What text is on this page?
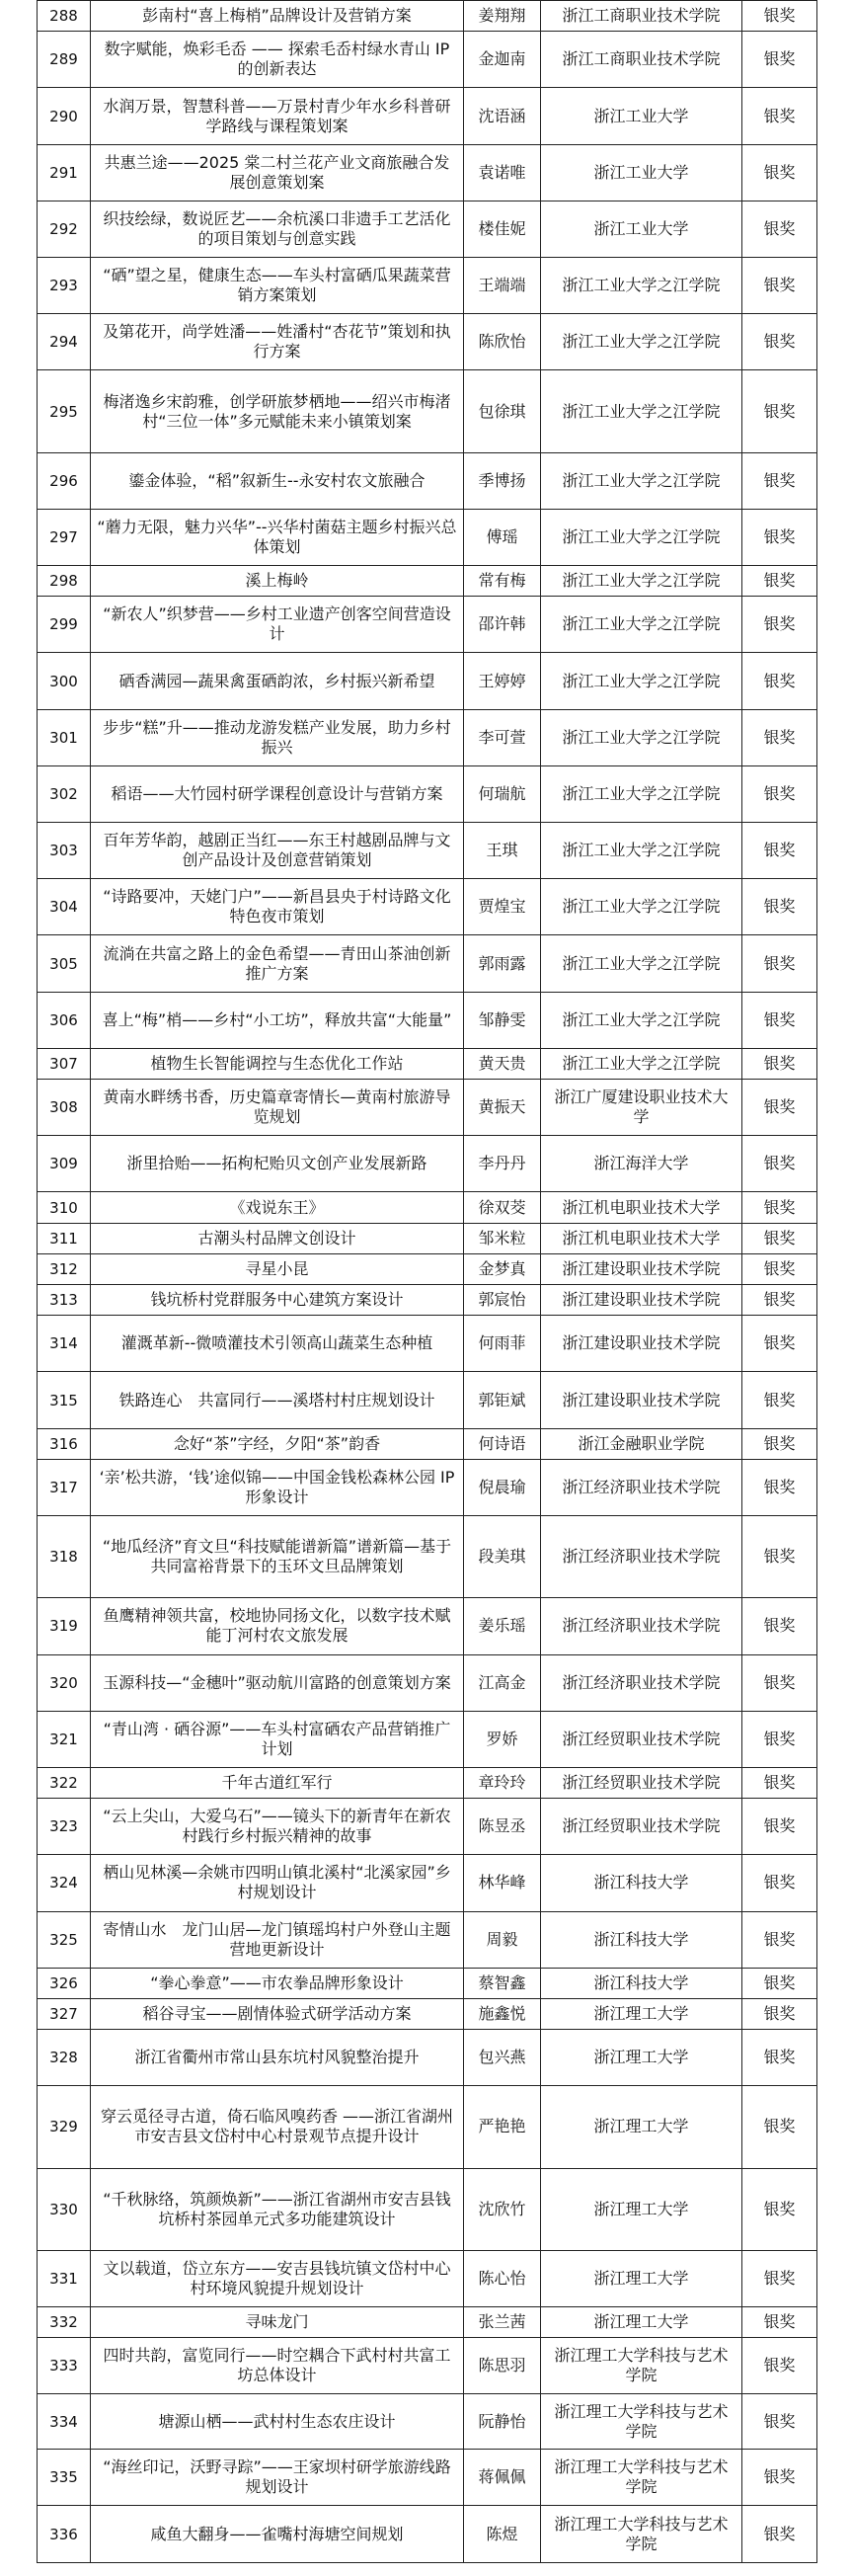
288	彭南村“喜上梅梢”品牌设计及营销方案	姜翔翔	浙江工商职业技术学院	银奖
289	数字赋能，焕彩毛岙 —— 探索毛岙村绿水青山 IP 的创新表达	金迦南	浙江工商职业技术学院	银奖
290	水润万景，智慧科普——万景村青少年水乡科普研学路线与课程策划案	沈语涵	浙江工业大学	银奖
291	共惠兰途——2025 棠二村兰花产业文商旅融合发展创意策划案	袁诺唯	浙江工业大学	银奖
292	织技绘绿，数说匠艺——余杭溪口非遗手工艺活化的项目策划与创意实践	楼佳妮	浙江工业大学	银奖
293	“硒”望之星，健康生态——车头村富硒瓜果蔬菜营销方案策划	王端端	浙江工业大学之江学院	银奖
294	及第花开，尚学姓潘——姓潘村“杏花节”策划和执行方案	陈欣怡	浙江工业大学之江学院	银奖
295	梅渚逸乡宋韵雅，创学研旅梦栖地——绍兴市梅渚村“三位一体”多元赋能未来小镇策划案	包徐琪	浙江工业大学之江学院	银奖
296	鎏金体验，“稻”叙新生--永安村农文旅融合	季博扬	浙江工业大学之江学院	银奖
297	“蘑力无限，魅力兴华”--兴华村菌菇主题乡村振兴总体策划	傅瑶	浙江工业大学之江学院	银奖
298	溪上梅岭	常有梅	浙江工业大学之江学院	银奖
299	“新农人”织梦营——乡村工业遗产创客空间营造设计	邵许韩	浙江工业大学之江学院	银奖
300	硒香满园—蔬果禽蛋硒韵浓，乡村振兴新希望	王婷婷	浙江工业大学之江学院	银奖
301	步步“糕”升——推动龙游发糕产业发展，助力乡村振兴	李可萱	浙江工业大学之江学院	银奖
302	稻语——大竹园村研学课程创意设计与营销方案	何瑞航	浙江工业大学之江学院	银奖
303	百年芳华韵，越剧正当红——东王村越剧品牌与文创产品设计及创意营销策划	王琪	浙江工业大学之江学院	银奖
304	“诗路要冲，天姥门户”——新昌县央于村诗路文化特色夜市策划	贾煌宝	浙江工业大学之江学院	银奖
305	流淌在共富之路上的金色希望——青田山茶油创新推广方案	郭雨露	浙江工业大学之江学院	银奖
306	喜上“梅”梢——乡村“小工坊”，释放共富“大能量”	邹静雯	浙江工业大学之江学院	银奖
307	植物生长智能调控与生态优化工作站	黄天贵	浙江工业大学之江学院	银奖
308	黄南水畔绣书香，历史篇章寄情长—黄南村旅游导览规划	黄振天	浙江广厦建设职业技术大学	银奖
309	浙里拾贻——拓枸杞贻贝文创产业发展新路	李丹丹	浙江海洋大学	银奖
310	《戏说东王》	徐双茭	浙江机电职业技术大学	银奖
311	古潮头村品牌文创设计	邹米粒	浙江机电职业技术大学	银奖
312	寻星小昆	金梦真	浙江建设职业技术学院	银奖
313	钱坑桥村党群服务中心建筑方案设计	郭宸怡	浙江建设职业技术学院	银奖
314	灌溉革新--微喷灌技术引领高山蔬菜生态种植	何雨菲	浙江建设职业技术学院	银奖
315	铁路连心　共富同行——溪塔村村庄规划设计	郭钜斌	浙江建设职业技术学院	银奖
316	念好“茶”字经，夕阳“茶”韵香	何诗语	浙江金融职业学院	银奖
317	‘亲’松共游，‘钱’途似锦——中国金钱松森林公园 IP 形象设计	倪晨瑜	浙江经济职业技术学院	银奖
318	“地瓜经济”育文旦“科技赋能谱新篇”谱新篇—基于共同富裕背景下的玉环文旦品牌策划	段美琪	浙江经济职业技术学院	银奖
319	鱼鹰精神领共富，校地协同扬文化，以数字技术赋能丁河村农文旅发展	姜乐瑶	浙江经济职业技术学院	银奖
320	玉源科技—“金穗叶”驱动航川富路的创意策划方案	江高金	浙江经济职业技术学院	银奖
321	“青山湾 · 硒谷源”——车头村富硒农产品营销推广计划	罗娇	浙江经贸职业技术学院	银奖
322	千年古道红军行	章玲玲	浙江经贸职业技术学院	银奖
323	“云上尖山，大爱乌石”——镜头下的新青年在新农村践行乡村振兴精神的故事	陈昱丞	浙江经贸职业技术学院	银奖
324	栖山见林溪—余姚市四明山镇北溪村“北溪家园”乡村规划设计	林华峰	浙江科技大学	银奖
325	寄情山水　龙门山居—龙门镇瑶坞村户外登山主题营地更新设计	周毅	浙江科技大学	银奖
326	“拳心拳意”——市农拳品牌形象设计	蔡智鑫	浙江科技大学	银奖
327	稻谷寻宝——剧情体验式研学活动方案	施鑫悦	浙江理工大学	银奖
328	浙江省衢州市常山县东坑村风貌整治提升	包兴燕	浙江理工大学	银奖
329	穿云觅径寻古道，倚石临风嗅药香 ——浙江省湖州市安吉县文岱村中心村景观节点提升设计	严艳艳	浙江理工大学	银奖
330	“千秋脉络，筑颜焕新”——浙江省湖州市安吉县钱坑桥村茶园单元式多功能建筑设计	沈欣竹	浙江理工大学	银奖
331	文以载道，岱立东方——安吉县钱坑镇文岱村中心村环境风貌提升规划设计	陈心怡	浙江理工大学	银奖
332	寻味龙门	张兰茜	浙江理工大学	银奖
333	四时共韵，富览同行——时空耦合下武村村共富工坊总体设计	陈思羽	浙江理工大学科技与艺术学院	银奖
334	塘源山栖——武村村生态农庄设计	阮静怡	浙江理工大学科技与艺术学院	银奖
335	“海丝印记，沃野寻踪”——王家坝村研学旅游线路规划设计	蒋佩佩	浙江理工大学科技与艺术学院	银奖
336	咸鱼大翻身——雀嘴村海塘空间规划	陈煜	浙江理工大学科技与艺术学院	银奖
